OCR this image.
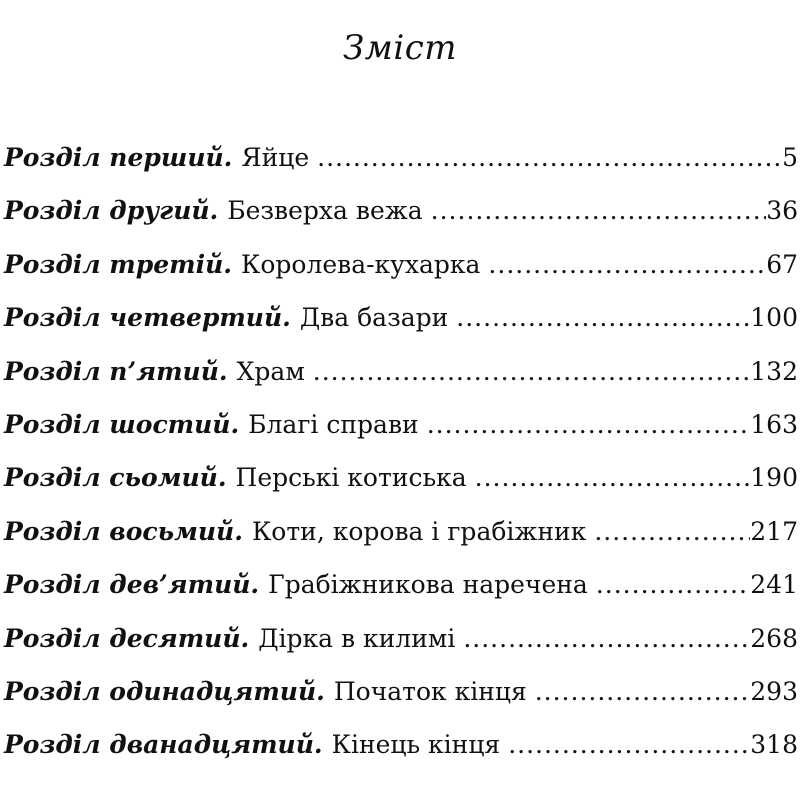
Зміст
Розділ перший. Яйце .....	5
Розділ другий. Безверха вежа .....	36
Розділ третій. Королева-кухарка .....	67
Розділ четвертий. Два базари .....	100
Розділ п’ятий. Храм .....	132
Розділ шостий. Благі справи .....	163
Розділ сьомий. Перські котиська .....	190
Розділ восьмий. Коти, корова і грабіжник .....	217
Розділ дев’ятий. Грабіжникова наречена .....	241
Розділ десятий. Дірка в килимі .....	268
Розділ одинадцятий. Початок кінця .....	293
Розділ дванадцятий. Кінець кінця .....	318
